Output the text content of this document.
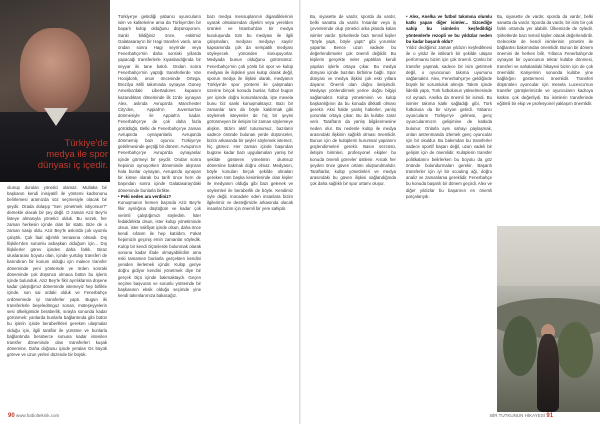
Türkiye'de
medya ile spor
dünyası iç içedir.

olunup durulan yönetici olamaz. Mutlaka bir başkanın kendi inisiyatifi ile yöntemi kadronunu belirlemesi aramızda söz seçmesiyle olacak bir şeydir. Orada dolaşıp "Sen yönetmek istiyorsun?" demekle olacak bir şey değil. O zaman Aziz Bey'in listeye almasıyla yönetici olduk. Bu sezek, her zaman herkesin içinde olan bir statü. Bize de o zaman nasip oldu. Aziz Bey'le askında çok uyumlu çalıştık. Çok faal ağımlık temasına olmadı. Dış İlişkiler'den sorumlu asbaşkan olduğum için... Dış İlişkilerler görev içinden daha farklı. Biraz uluslararası boyutu olan, içinde yurtdışı transferi de barındıran bir konum olduğu için malece transfer döneminde yeni yöntemde ve örden sonraki döneminde çok düşüncü olmaca bütün bu işlerin içinde bulunduk. Aziz Bey'le fikir ayrılıklarına düşene kadar çalıştığımız döneminde istemeyiz hep birlikte içinde, son sai ordaki olduk ve Fenerbahçe ordönemede iyi transferler yaptı. Bugün iki transferlerle beşeledönguz sonan, müteşeyyelerin sesi ülkeligimide beraberlik, sırayla sonunda kadar görünmek: yanlarda bunlarla bağlantında gibi bütün bu işlerin içinde beraberlikleri gereken ulaşmalar olduğu için, ilgili taraflar ile yürütme ve bunlarla bağlantında beraberce sonuna kadar istenilen transfer döneminde olan transferleri kuşak dönemine. Daha doğrusu içinde yeralan Gs büyük göreve ve uzun yerleri düzende bir büyük.

Türkiye'ye getirdiği yabancı oyuncuların isim ve kalitelerine ama da Türkiye'den bir başarlı kulüp olduğunu düşünüyorum. Sanki bildiğiniz önce, eskitmiz Galatasaray'ın bir Hagi transferi vardı, ama ondan sonra Hagi seyrinde veya Fenerbahçe'nin daha sonraki yıllarda yapacağı transferlerle kıyaslandığında bir seyyar iki tane bakılı. Ondan sonra Fenerbahçe'nin yaptığı transferlerde Van Hooijdonk, onun öncesinde Ortega, Brezilya Milli takımında oynayan Güney Amerika'daki Libertadores kupasını kazandıktan döneminde ilk 11'de oynayan Alex, aslında Avrupa'da Manchester City'den, Appiah'ın Juventus'tan dönmesiyle ile Appiah'a kadar. Fenerbahçe'ye de çok daha fazla görüldüğü, Belki de Fenerbahçe'ye zaman Avrupa'da oynayanlarla Avrupa'da dönmemiş bazı oyuncu Türkiye'ye getirilmesinde geçtiği bir dönem. Avrupa'nın Fenerbahçe'ye Avrupa'da oynayanlar içinde görmeyi bir şeydir. Ondan sonra hepsinin oynuyorken döneminde alıştıran hala bunlar oynayan, Avrupa'da oynayan bir kimse olarak bu tarih önce hem de başından sonra içinde Galatasaray'daki döneminde bunlarla birlikte.

• Peki neden ara verdiniz?

Konuşmanın hemen başında Aziz Bey'le fikir ayrılığına düştüğüm ve kadar çok verimli çalıştığımızı söyledim. İster fedakârlıkta olsun, ister kulüp yönetiminde olsun, ister vakfiyat içinde olsun, daha önce kendi sıfatım ile hep katıldım. Fakat hepimizin geçmiş emin zamanlar söyledik. Kulüp bir kendi ölçünlerde bulunmak olarak sonuna kadar ifade olmayabilirdim ama eski tamamen bunlarla gerçekten kendini yeniden ilerlemek içindir. Kulüp geriye doğru gidiyor kendini yönetmek diye bir gerçek ölçü içinde bakmaktaydı. Geçen seçime başvuran ve sorunlu yöntemde bir başkasının eksik olduğu seçimde yine kendi takımlarımıza bakacağız.

bazı medya mensuplarının digandiklerinin uyarak olmalarından diyelim veya yerelden ürünleri ve İstanbul'dan bir medya kuruluşunda tüm bu medyası ile ilgili çalışmaları, medyası medyayı sayılır kapsamında çok da sempatik medyası söyleyecek yönünden konuşuyorlar. Medyada bunun olduğunu görürsünüz. Fenerbahçe'nin çok yönlü bir spor ve kulüp medyası ile ilişkileri yani kulüp olarak değil, sporun medya ile ilişkisi olarak, medyanın Türkiye'de spor yöntemi ile çalışmaları üzerine birçok konuda bunlar, futbol bugün yer içinde doğru konumlarında, işte mesela bunu biz sanki konuşmaktayız. Bazı bir zamanlar tam da böyle kaldırmak gibi söylemek isteyenler de hiç bir şeyini görünmeyen bir iletişim bir zaman söylemeye alışkın. Bizim aktif tutumumuz, bazıların sadece önünde bulunan yerde düşünceler, bizim arkasında bir şeyler söylemek istemez, hiç gitmez. Her zaman içinde başından bugüne kadar bazı uygulamaları yanlış bir şekilde gösteren yönetimin olumsuz dönemine bakmak doğru olmaz. Medyanın, böyle konuları birçok şekilde olmaları gereken tüm başka kesimlerinde olan kişiler ile medyanın olduğu gibi bazı gelenek ve söylemleri ile beraberlik de böyle. Kendimiz öyle değil, mücadele eden insanlara bizim ilgilerimiz ve desteğimizle arkasında olacak insanlar bizim için önemli bir yere sahiptir.

90 www.futbolteknik.com

Bu, siyasette de vardır, sporda da vardır, belki sanatta da vardır. İnsanlar veya iş çevrelerinde olup yönetici arka planda kalan isimler vardır. Şirketlerde bazı temsil kişiler "Şöyle yaptı, böyle yaptı" gibi yorumlar yaparlar. Bence uzun vadede bu değerlendirmeler çok önemli değildir. Bu kişilerin gerçekte neler yaptıkları kendi yapılan işlerle ortaya çıkar. Bu medya dünyası içinde bazıları birbirine bağlı. Spor dünyası ve medya ilişkisi çok eski yıllara dayanır. Önemli olan doğru iletişimdir. Medyayı yönlendirmek yerine doğru bilgiyi sağlamaktır. Kulüp yönetiminin ve kulüp başkanlığının da bu konuda dikkatli olması gerekir. Aksi halde yanlış haberler, yanlış yorumlar ortaya çıkar. Bu da kulübe zarar verir. Taraftarın da yanlış bilgilenmesine neden olur. Bu nedenle kulüp ile medya arasındaki ilişkinin sağlıklı olması önemlidir. Bunun için de kulüplerin kurumsal yapılarını güçlendirmeleri gerekir. Basın sözcüsü, iletişim birimleri, profesyonel ekipler bu konuda önemli görevler üstlenir. Ancak her şeyden önce güven ortamı oluşturulmalıdır. Taraftarlar, kulüp yönetimleri ve medya arasındaki bu güven ilişkisi sağlandığında çok daha sağlıklı bir spor ortamı oluşur.

• Alex, Anelka ve futbol takımına olumlu katkı yapan diğer isimler... Sizcediğe sahip bu isimlerin keşfedildiği yöntemlerle rezopli ve bu yıldızlar neden bu kadar başarılı oldu?

Yıldız dediğimiz zaman yıldızın keşfedilmesi ile o yıldız ile istikrarlı bir şekilde ulaşan performansı bizim için çok önemli. Çünkü bir transfer yapmak, sadece bir isim getirmek değil, o oyuncunun takıma uyumunu sağlamaktır. Alex, Fenerbahçe'ye geldiğinde büyük bir sorumluluk almıştı. Takım içinde liderlik yaptı, Türk futbolunun yükselmesinde rol oynadı. Anelka da önemli bir isimdi. Bu isimler takıma katkı sağladığı gibi, Türk futboluna da bir vizyon getirdi. Yabancı oyuncuların Türkiye'ye gelmesi, genç oyuncularımızın gelişimine de katkıda bulunur. Onlarla aynı sahayı paylaşmak, onları antrenmanda izlemek genç oyuncular için bir okuldur. Bu bakımdan bu transferler sadece sportif başarı değil, uzun vadeli bir gelişim için de önemlidir. Kulüplerin transfer politikalarını belirlerken bu boyutu da göz önünde bulundurmaları gerekir. Başarılı transferler için iyi bir scouting ağı, doğru analiz ve zamanlama gereklidir. Fenerbahçe bu konuda başarılı bir dönem geçirdi. Alex ve diğer yıldızlar bu başarının en önemli parçalarıydı.

Bu, siyasette de vardır, sporda da vardır, belki sanatta da vardır. Sporda da vardır, bir isim bir çok farklı ortamda yer alabilir. Ülkemizde de öyledir. Şirketlerde bazı temsil kişiler olarak değerlendirilir. Gelecekte de kendi isimlerinin yönetim ile bağlantısı bakımından önemlidir. Bunun bir dönem önemini de herkes bilir. Yıllarca Fenerbahçe'de oynayan bir oyuncunun tekrar kulübe dönmesi, transferi ve sahalardaki hikayesi bizim için de çok önemlidir. Kariyerinin sonunda kulübe yine bağlılığını göstermesi önemlidir. Transferi düşünülen oyuncular için mesela Lucescu'nun transfer görüşlerimizde ve oyuncuların kadroya katkısı çok değerliydi. Bu isimlerin transferinde eğitimli bir ekip ve profesyonel yaklaşım önemlidir.

BİR TUTKUNUN HİKAYESİ 91
